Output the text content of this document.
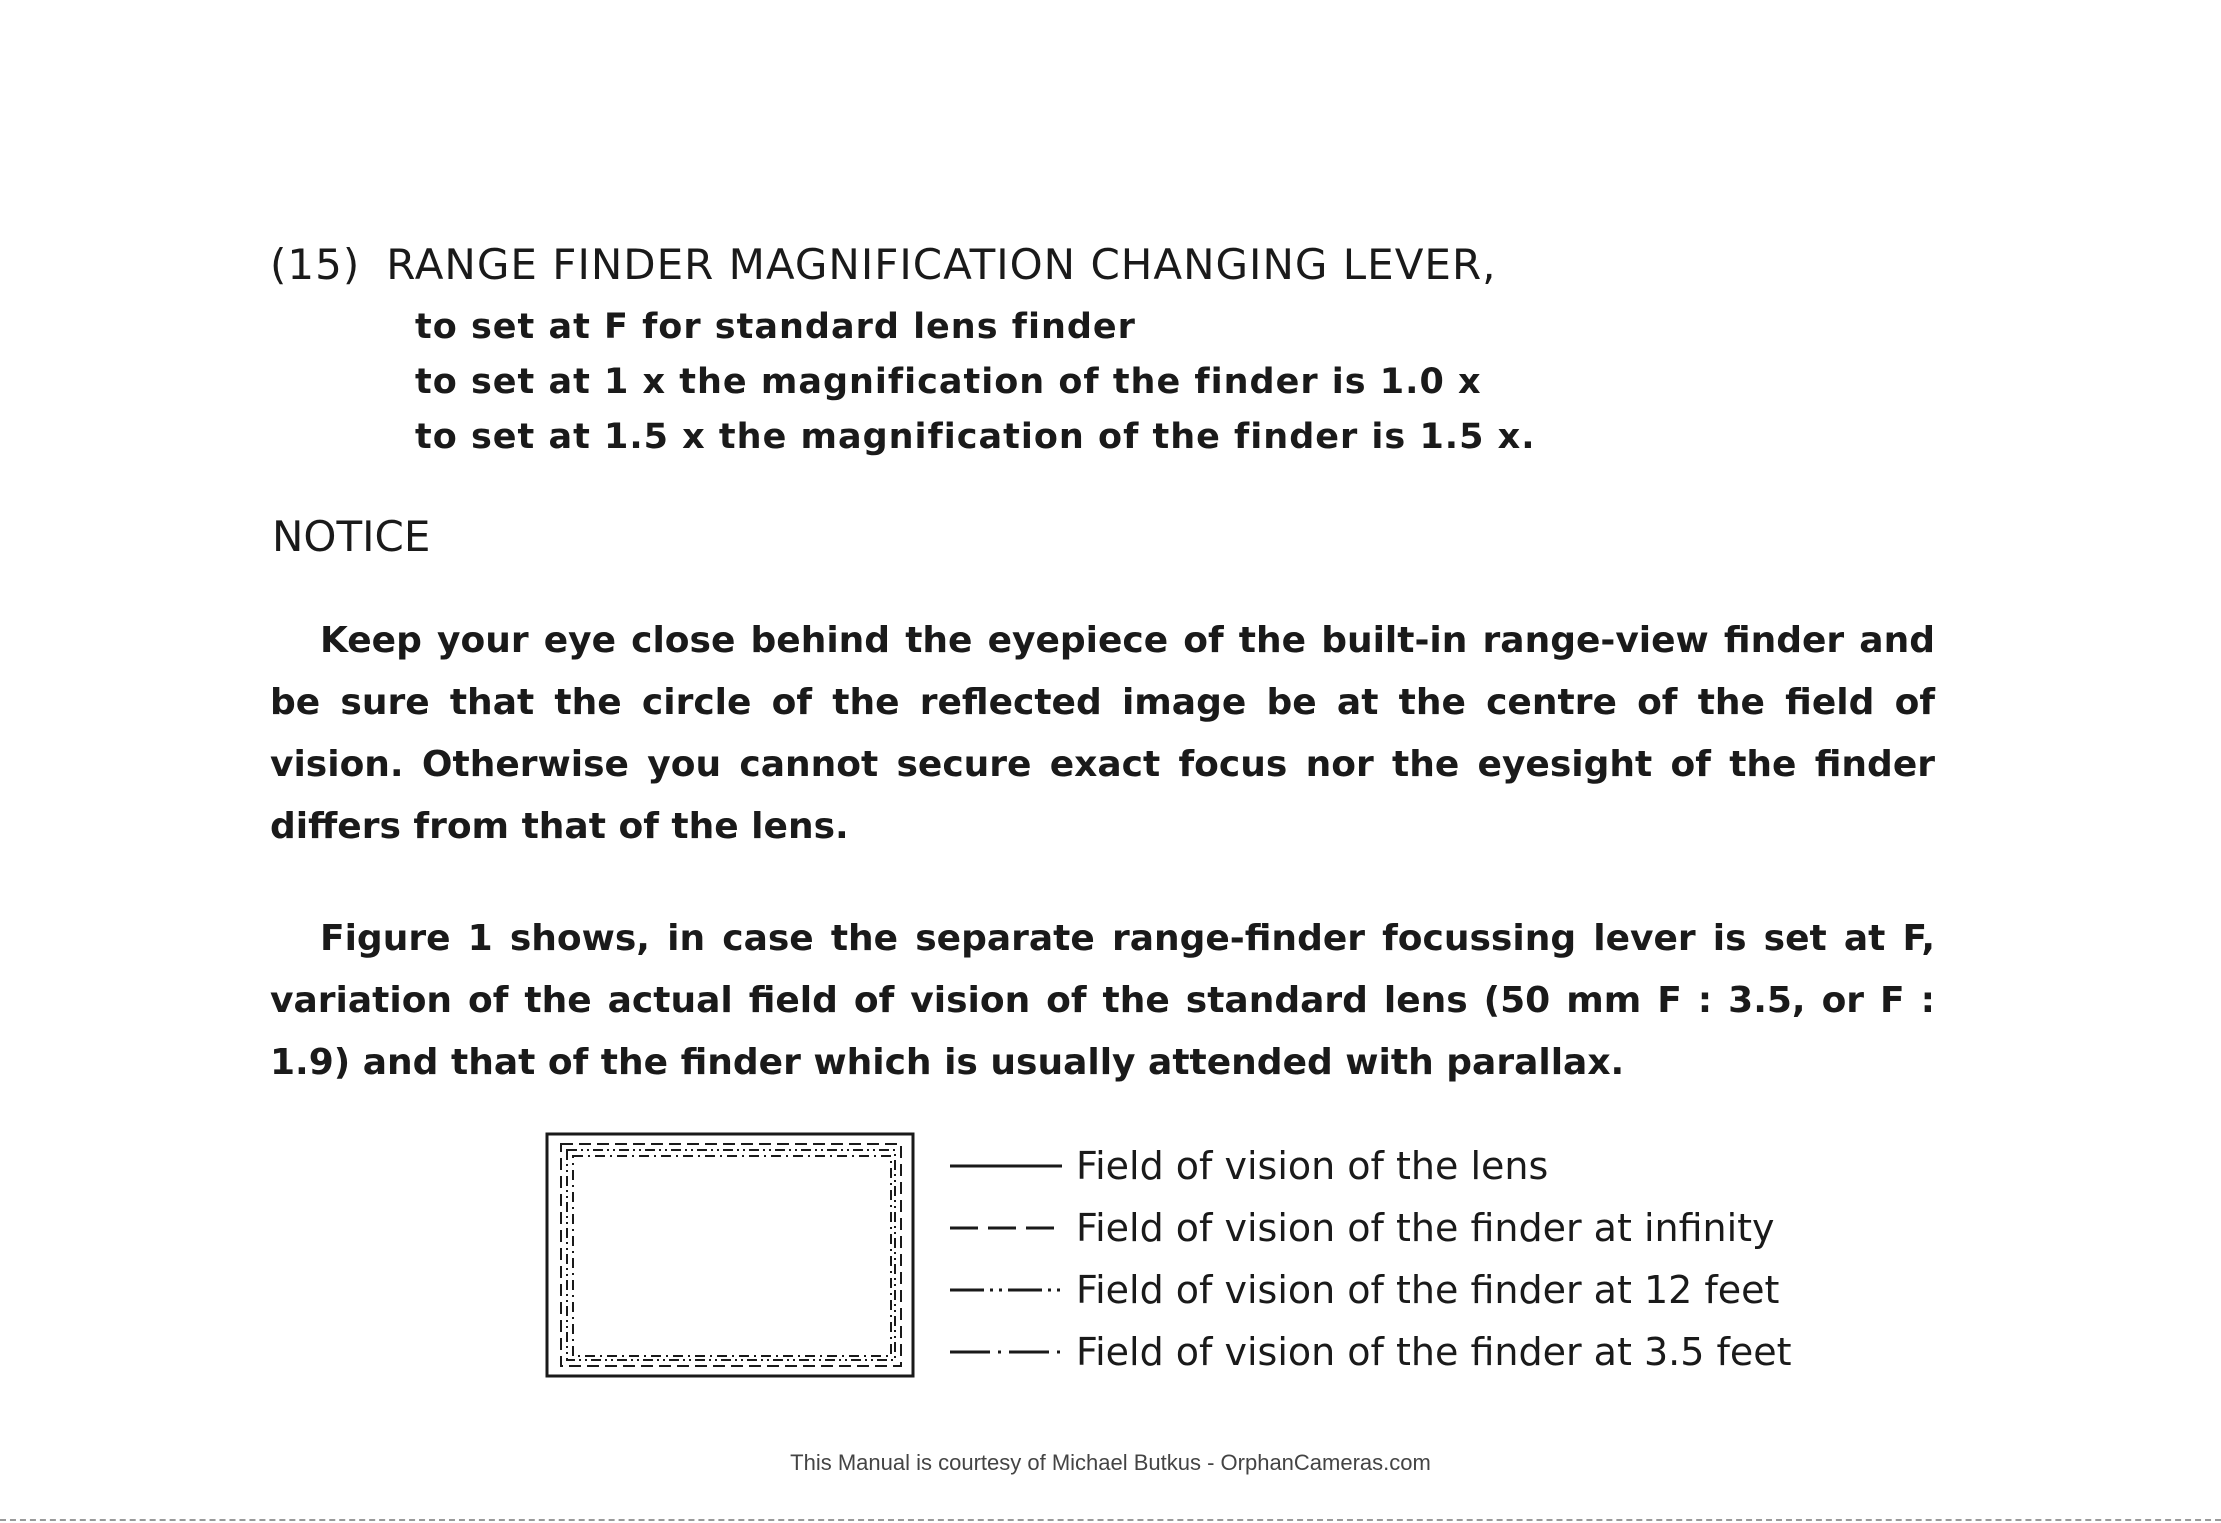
(15) RANGE FINDER MAGNIFICATION CHANGING LEVER,
to set at F for standard lens finder
to set at 1 x the magnification of the finder is 1.0 x
to set at 1.5 x the magnification of the finder is 1.5 x.
NOTICE

Keep your eye close behind the eyepiece of the built-in range-view finder and be sure that the circle of the reflected image be at the centre of the field of vision. Otherwise you cannot secure exact focus nor the eyesight of the finder differs from that of the lens.

Figure 1 shows, in case the separate range-finder focussing lever is set at F, variation of the actual field of vision of the standard lens (50 mm F : 3.5, or F : 1.9) and that of the finder which is usually attended with parallax.

Field of vision of the lens
Field of vision of the finder at infinity
Field of vision of the finder at 12 feet
Field of vision of the finder at 3.5 feet
This Manual is courtesy of Michael Butkus - OrphanCameras.com
